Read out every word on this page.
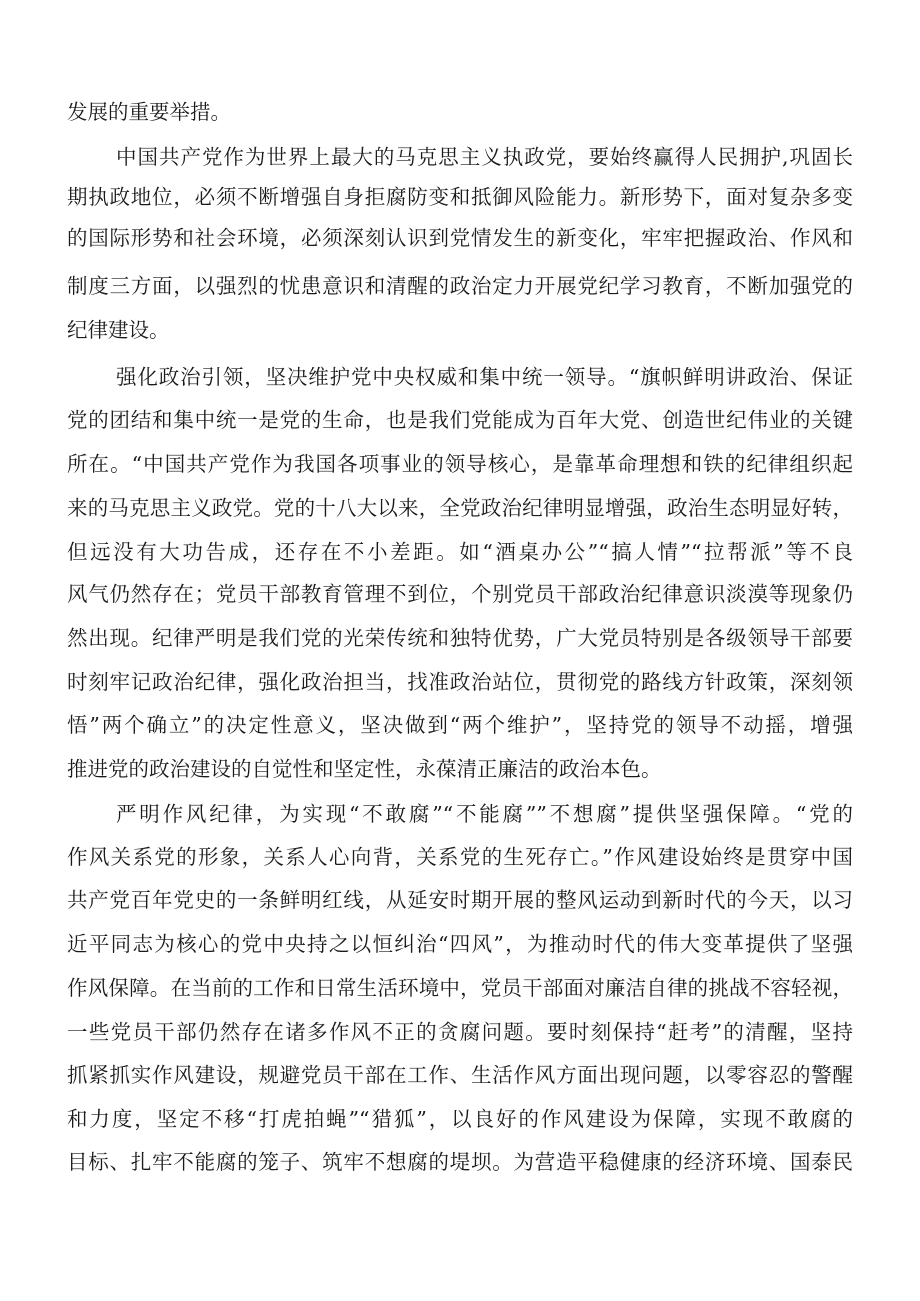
发展的重要举措。
中国共产党作为世界上最大的马克思主义执政党，要始终赢得人民拥护,巩固长
期执政地位，必须不断增强自身拒腐防变和抵御风险能力。新形势下，面对复杂多变
的国际形势和社会环境，必须深刻认识到党情发生的新变化，牢牢把握政治、作风和
制度三方面，以强烈的忧患意识和清醒的政治定力开展党纪学习教育，不断加强党的
纪律建设。
强化政治引领，坚决维护党中央权威和集中统一领导。“旗帜鲜明讲政治、保证
党的团结和集中统一是党的生命，也是我们党能成为百年大党、创造世纪伟业的关键
所在。“中国共产党作为我国各项事业的领导核心，是靠革命理想和铁的纪律组织起
来的马克思主义政党。党的十八大以来，全党政治纪律明显增强，政治生态明显好转，
但远没有大功告成，还存在不小差距。如“酒桌办公”“搞人情”“拉帮派”等不良
风气仍然存在；党员干部教育管理不到位，个别党员干部政治纪律意识淡漠等现象仍
然出现。纪律严明是我们党的光荣传统和独特优势，广大党员特别是各级领导干部要
时刻牢记政治纪律，强化政治担当，找准政治站位，贯彻党的路线方针政策，深刻领
悟”两个确立”的决定性意义，坚决做到“两个维护”，坚持党的领导不动摇，增强
推进党的政治建设的自觉性和坚定性，永葆清正廉洁的政治本色。
严明作风纪律，为实现“不敢腐”“不能腐””不想腐”提供坚强保障。“党的
作风关系党的形象，关系人心向背，关系党的生死存亡。”作风建设始终是贯穿中国
共产党百年党史的一条鲜明红线，从延安时期开展的整风运动到新时代的今天，以习
近平同志为核心的党中央持之以恒纠治“四风”，为推动时代的伟大变革提供了坚强
作风保障。在当前的工作和日常生活环境中，党员干部面对廉洁自律的挑战不容轻视，
一些党员干部仍然存在诸多作风不正的贪腐问题。要时刻保持“赶考”的清醒，坚持
抓紧抓实作风建设，规避党员干部在工作、生活作风方面出现问题，以零容忍的警醒
和力度，坚定不移“打虎拍蝇”“猎狐”，以良好的作风建设为保障，实现不敢腐的
目标、扎牢不能腐的笼子、筑牢不想腐的堤坝。为营造平稳健康的经济环境、国泰民
